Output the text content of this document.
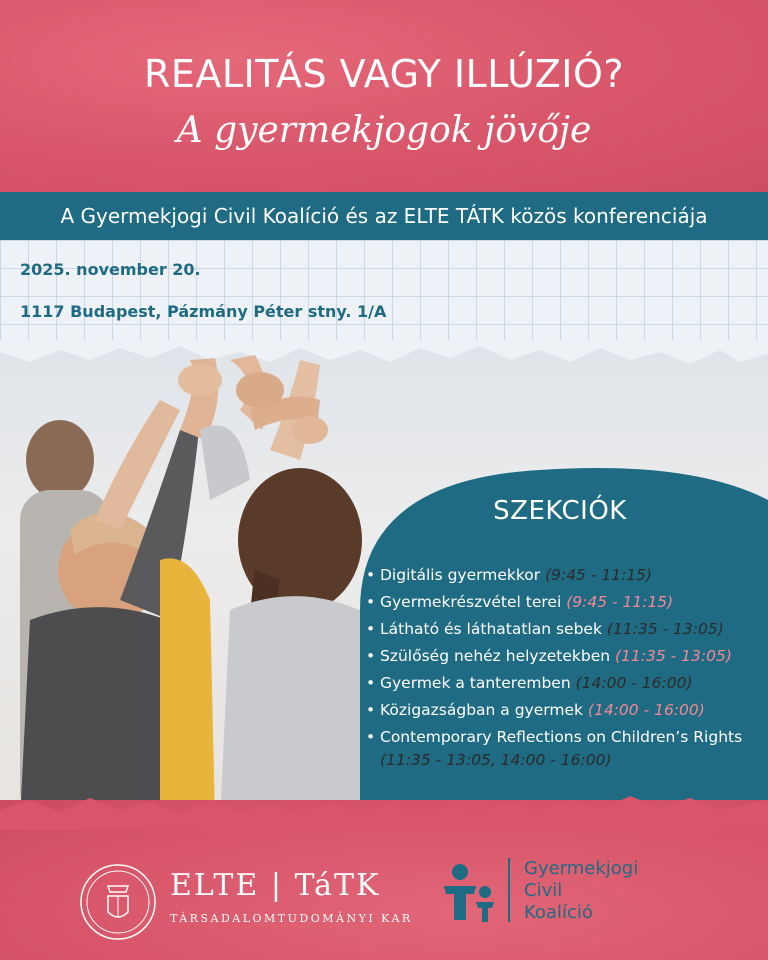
REALITÁS VAGY ILLÚZIÓ?
A gyermekjogok jövője
A Gyermekjogi Civil Koalíció és az ELTE TÁTK közös konferenciája
2025. november 20.
1117 Budapest, Pázmány Péter stny. 1/A
SZEKCIÓK
• Digitális gyermekkor (9:45 - 11:15)
• Gyermekrészvétel terei (9:45 - 11:15)
• Látható és láthatatlan sebek (11:35 - 13:05)
• Szülőség nehéz helyzetekben (11:35 - 13:05)
• Gyermek a tanteremben (14:00 - 16:00)
• Közigazságban a gyermek (14:00 - 16:00)
• Contemporary Reflections on Children’s Rights (11:35 - 13:05, 14:00 - 16:00)
ELTE | TáTK
TÁRSADALOMTUDOMÁNYI KAR
Gyermekjogi
Civil
Koalíció
